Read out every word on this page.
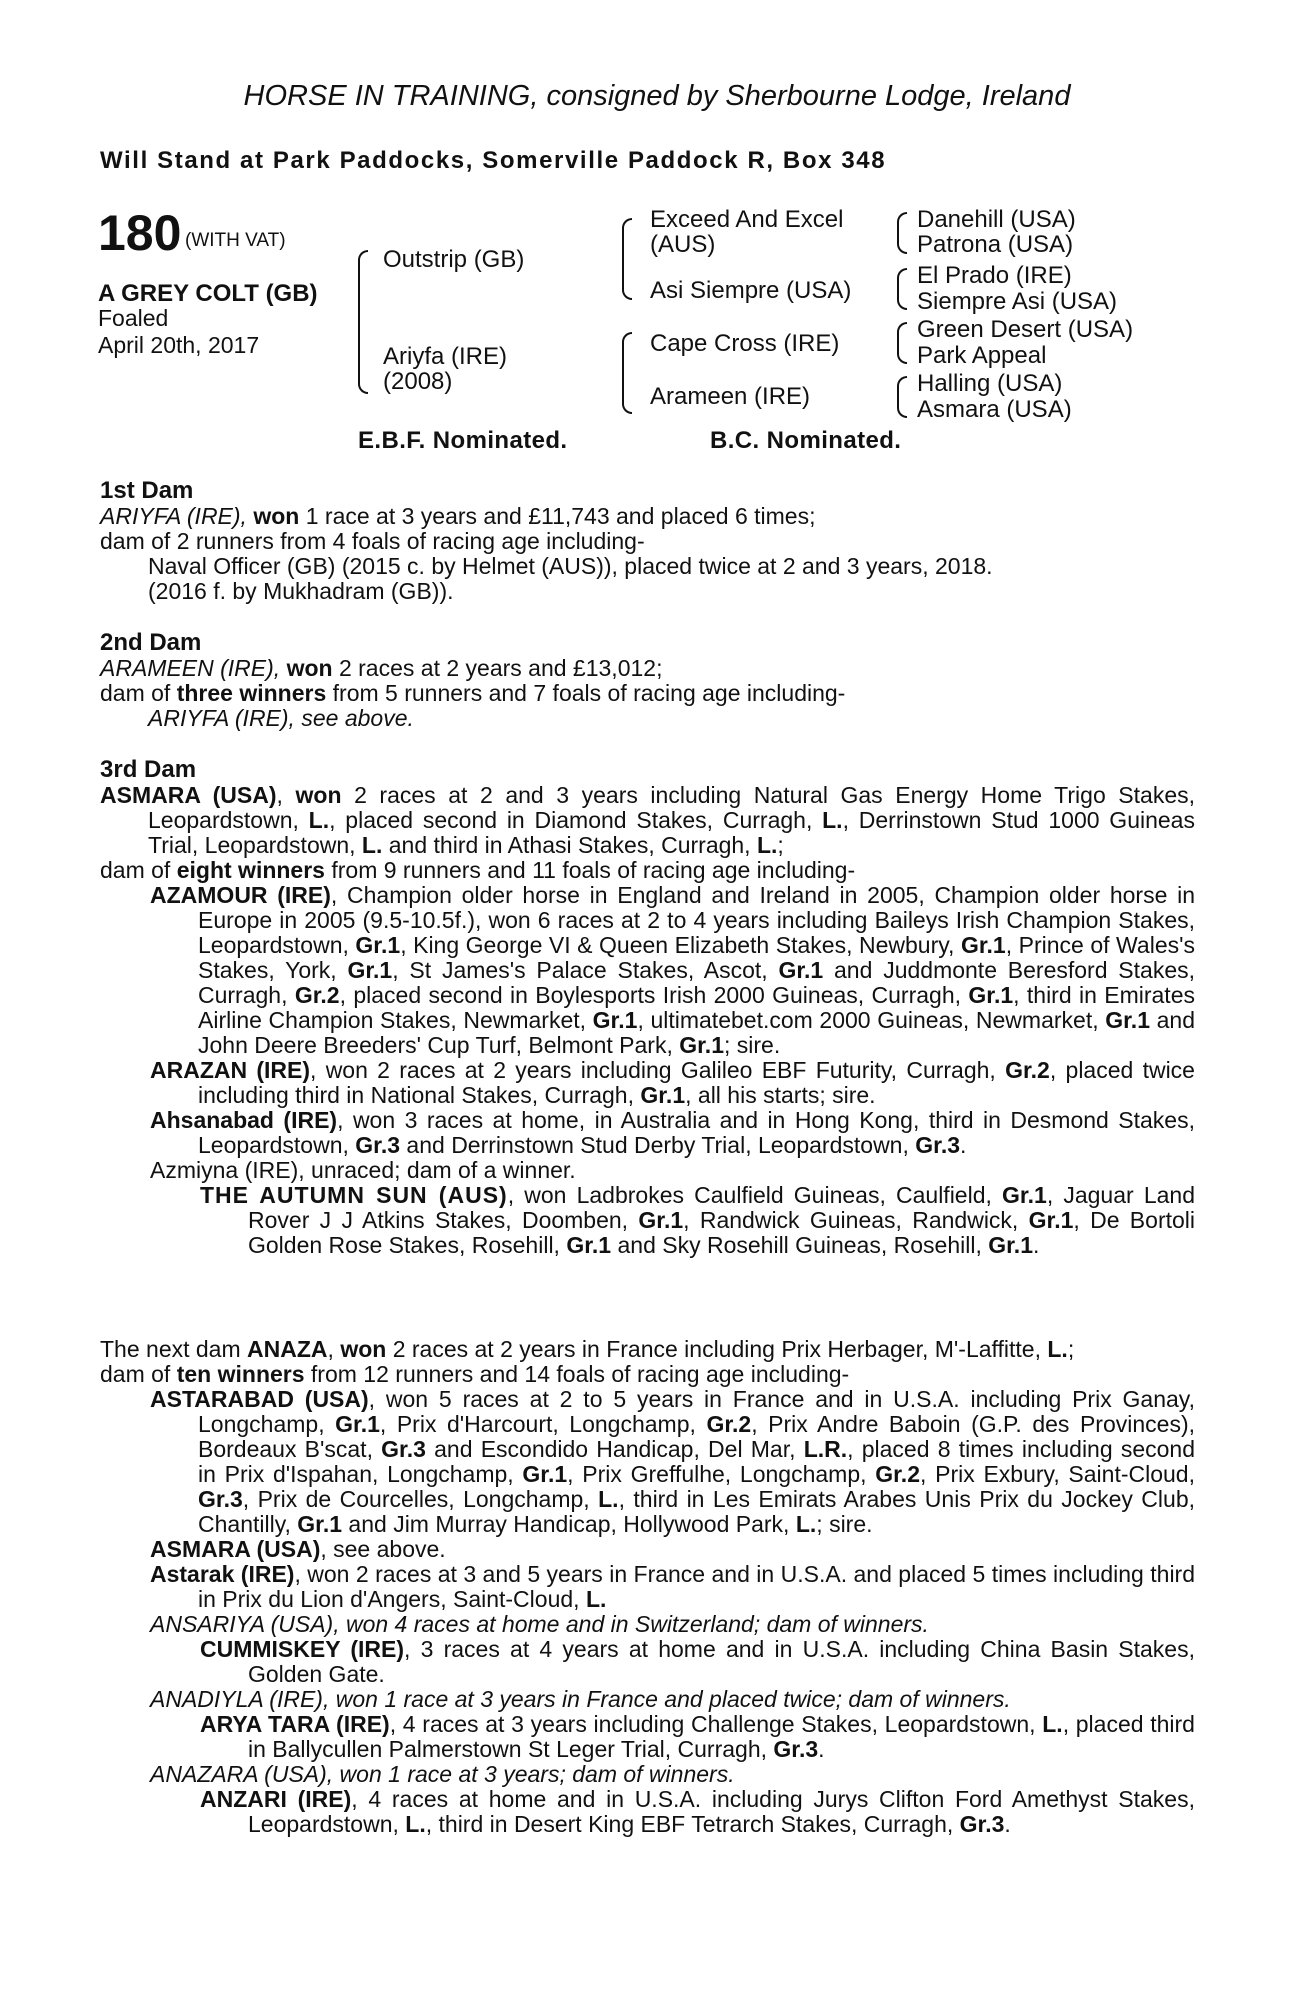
HORSE IN TRAINING, consigned by Sherbourne Lodge, Ireland
Will Stand at Park Paddocks, Somerville Paddock R, Box 348
180 (WITH VAT)
A GREY COLT (GB)
Foaled
April 20th, 2017
Outstrip (GB)
Ariyfa (IRE)
(2008)
Exceed And Excel
(AUS)
Asi Siempre (USA)
Cape Cross (IRE)
Arameen (IRE)
Danehill (USA)
Patrona (USA)
El Prado (IRE)
Siempre Asi (USA)
Green Desert (USA)
Park Appeal
Halling (USA)
Asmara (USA)
E.B.F. Nominated.	B.C. Nominated.
1st Dam
ARIYFA (IRE), won 1 race at 3 years and £11,743 and placed 6 times;
dam of 2 runners from 4 foals of racing age including-
Naval Officer (GB) (2015 c. by Helmet (AUS)), placed twice at 2 and 3 years, 2018.
(2016 f. by Mukhadram (GB)).
2nd Dam
ARAMEEN (IRE), won 2 races at 2 years and £13,012;
dam of three winners from 5 runners and 7 foals of racing age including-
ARIYFA (IRE), see above.
3rd Dam
ASMARA (USA), won 2 races at 2 and 3 years including Natural Gas Energy Home Trigo Stakes, Leopardstown, L., placed second in Diamond Stakes, Curragh, L., Derrinstown Stud 1000 Guineas Trial, Leopardstown, L. and third in Athasi Stakes, Curragh, L.;
dam of eight winners from 9 runners and 11 foals of racing age including-
AZAMOUR (IRE), Champion older horse in England and Ireland in 2005, Champion older horse in Europe in 2005 (9.5-10.5f.), won 6 races at 2 to 4 years including Baileys Irish Champion Stakes, Leopardstown, Gr.1, King George VI & Queen Elizabeth Stakes, Newbury, Gr.1, Prince of Wales's Stakes, York, Gr.1, St James's Palace Stakes, Ascot, Gr.1 and Juddmonte Beresford Stakes, Curragh, Gr.2, placed second in Boylesports Irish 2000 Guineas, Curragh, Gr.1, third in Emirates Airline Champion Stakes, Newmarket, Gr.1, ultimatebet.com 2000 Guineas, Newmarket, Gr.1 and John Deere Breeders' Cup Turf, Belmont Park, Gr.1; sire.
ARAZAN (IRE), won 2 races at 2 years including Galileo EBF Futurity, Curragh, Gr.2, placed twice including third in National Stakes, Curragh, Gr.1, all his starts; sire.
Ahsanabad (IRE), won 3 races at home, in Australia and in Hong Kong, third in Desmond Stakes, Leopardstown, Gr.3 and Derrinstown Stud Derby Trial, Leopardstown, Gr.3.
Azmiyna (IRE), unraced; dam of a winner.
THE AUTUMN SUN (AUS), won Ladbrokes Caulfield Guineas, Caulfield, Gr.1, Jaguar Land Rover J J Atkins Stakes, Doomben, Gr.1, Randwick Guineas, Randwick, Gr.1, De Bortoli Golden Rose Stakes, Rosehill, Gr.1 and Sky Rosehill Guineas, Rosehill, Gr.1.
The next dam ANAZA, won 2 races at 2 years in France including Prix Herbager, M'-Laffitte, L.;
dam of ten winners from 12 runners and 14 foals of racing age including-
ASTARABAD (USA), won 5 races at 2 to 5 years in France and in U.S.A. including Prix Ganay, Longchamp, Gr.1, Prix d'Harcourt, Longchamp, Gr.2, Prix Andre Baboin (G.P. des Provinces), Bordeaux B'scat, Gr.3 and Escondido Handicap, Del Mar, L.R., placed 8 times including second in Prix d'Ispahan, Longchamp, Gr.1, Prix Greffulhe, Longchamp, Gr.2, Prix Exbury, Saint-Cloud, Gr.3, Prix de Courcelles, Longchamp, L., third in Les Emirats Arabes Unis Prix du Jockey Club, Chantilly, Gr.1 and Jim Murray Handicap, Hollywood Park, L.; sire.
ASMARA (USA), see above.
Astarak (IRE), won 2 races at 3 and 5 years in France and in U.S.A. and placed 5 times including third in Prix du Lion d'Angers, Saint-Cloud, L.
ANSARIYA (USA), won 4 races at home and in Switzerland; dam of winners.
CUMMISKEY (IRE), 3 races at 4 years at home and in U.S.A. including China Basin Stakes, Golden Gate.
ANADIYLA (IRE), won 1 race at 3 years in France and placed twice; dam of winners.
ARYA TARA (IRE), 4 races at 3 years including Challenge Stakes, Leopardstown, L., placed third in Ballycullen Palmerstown St Leger Trial, Curragh, Gr.3.
ANAZARA (USA), won 1 race at 3 years; dam of winners.
ANZARI (IRE), 4 races at home and in U.S.A. including Jurys Clifton Ford Amethyst Stakes, Leopardstown, L., third in Desert King EBF Tetrarch Stakes, Curragh, Gr.3.
